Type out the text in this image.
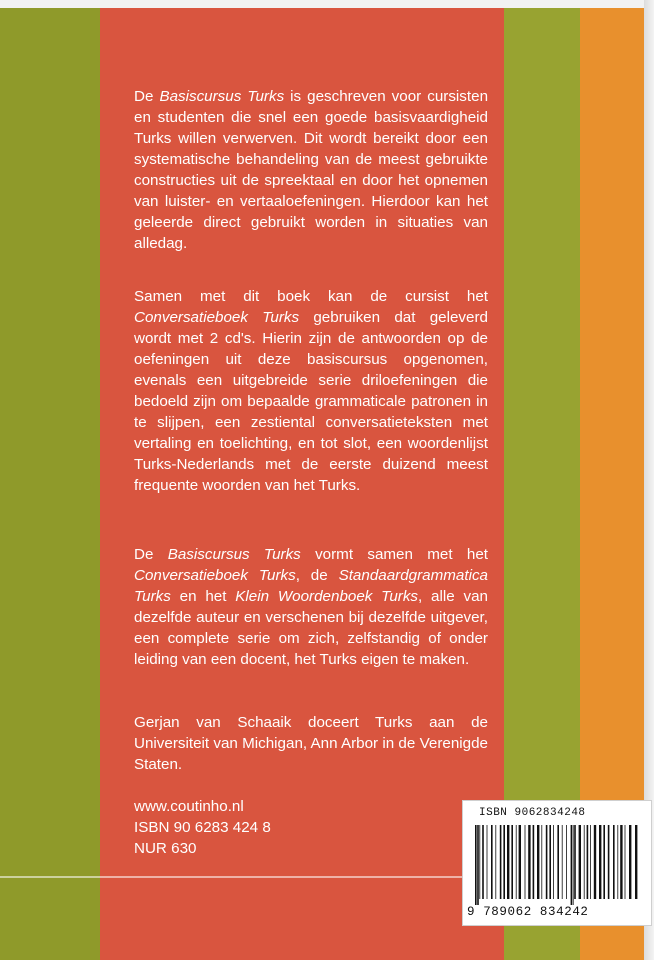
De Basiscursus Turks is geschreven voor cursisten en studenten die snel een goede basisvaardigheid Turks willen verwerven. Dit wordt bereikt door een systematische behandeling van de meest gebruikte constructies uit de spreektaal en door het opnemen van luister- en vertaaloefeningen. Hierdoor kan het geleerde direct gebruikt worden in situaties van alledag.

Samen met dit boek kan de cursist het Conversatieboek Turks gebruiken dat geleverd wordt met 2 cd's. Hierin zijn de antwoorden op de oefeningen uit deze basiscursus opgenomen, evenals een uitgebreide serie driloefeningen die bedoeld zijn om bepaalde grammaticale patronen in te slijpen, een zestiental conversatieteksten met vertaling en toelichting, en tot slot, een woordenlijst Turks-Nederlands met de eerste duizend meest frequente woorden van het Turks.

De Basiscursus Turks vormt samen met het Conversatieboek Turks, de Standaardgrammatica Turks en het Klein Woordenboek Turks, alle van dezelfde auteur en verschenen bij dezelfde uitgever, een complete serie om zich, zelfstandig of onder leiding van een docent, het Turks eigen te maken.

Gerjan van Schaaik doceert Turks aan de Universiteit van Michigan, Ann Arbor in de Verenigde Staten.

www.coutinho.nl
ISBN 90 6283 424 8
NUR 630
ISBN 9062834248
9 789062 834242
